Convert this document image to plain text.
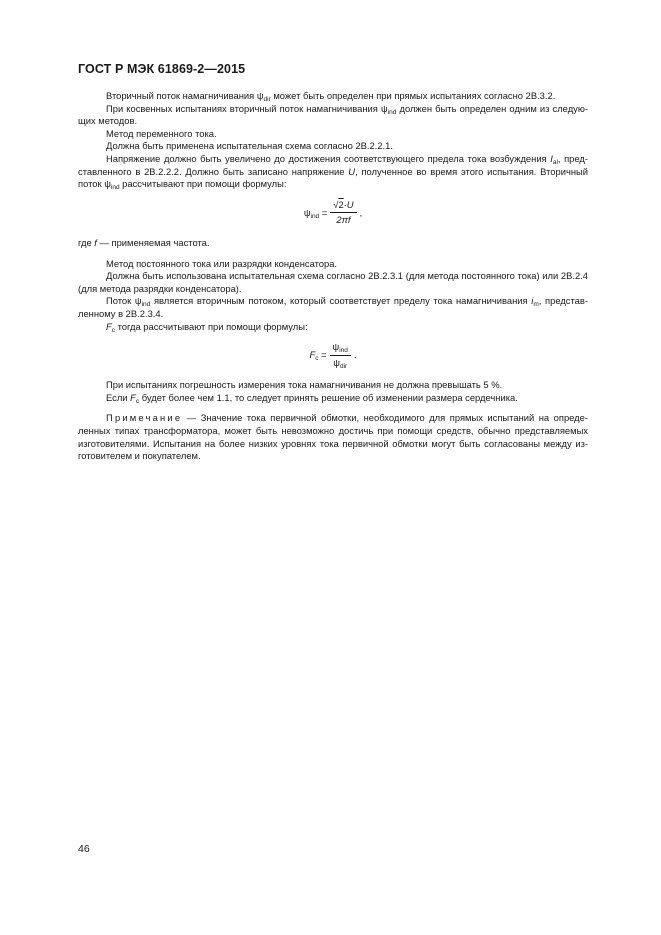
ГОСТ Р МЭК 61869-2—2015

Вторичный поток намагничивания $\psi_{dir}$ может быть определен при прямых испытаниях согласно 2В.3.2.

При косвенных испытаниях вторичный поток намагничивания $\psi_{ind}$ должен быть определен одним из следую-щих методов.

Метод переменного тока.

Должна быть применена испытательная схема согласно 2В.2.2.1.

Напряжение должно быть увеличено до достижения соответствующего предела тока возбуждения $I_{al}$, пред-ставленного в 2В.2.2.2. Должно быть записано напряжение U, полученное во время этого испытания. Вторичный поток $\psi_{ind}$ рассчитывают при помощи формулы:

$\psi_{ind} = \frac{√2\cdot U}{2\pi f}$ ,

где f — применяемая частота.

Метод постоянного тока или разрядки конденсатора.

Должна быть использована испытательная схема согласно 2В.2.3.1 (для метода постоянного тока) или 2В.2.4 (для метода разрядки конденсатора).

Поток $\psi_{ind}$ является вторичным потоком, который соответствует пределу тока намагничивания $i_m$, представ-ленному в 2В.2.3.4.

$F_c$ тогда рассчитывают при помощи формулы:

$F_c = \frac{\psi_{ind}}{\psi_{dir}}$ .

При испытаниях погрешность измерения тока намагничивания не должна превышать 5 %.

Если $F_c$ будет более чем 1.1, то следует принять решение об изменении размера сердечника.

Примечание — Значение тока первичной обмотки, необходимого для прямых испытаний на опреде-ленных типах трансформатора, может быть невозможно достичь при помощи средств, обычно представляемых изготовителями. Испытания на более низких уровнях тока первичной обмотки могут быть согласованы между из-готовителем и покупателем.

46
